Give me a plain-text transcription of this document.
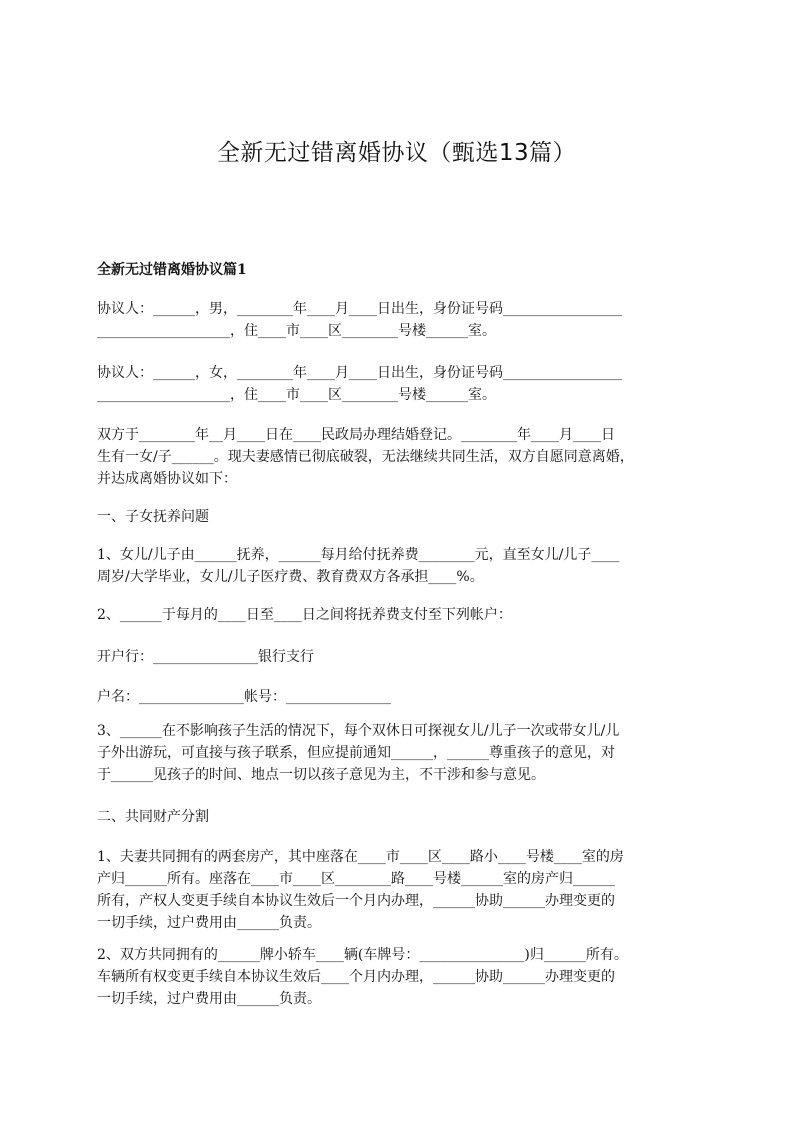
全新无过错离婚协议（甄选13篇）
全新无过错离婚协议篇1
协议人：______，男，________年____月____日出生，身份证号码_________________
___________________，住____市____区________号楼______室。
协议人：______，女，________年____月____日出生，身份证号码_________________
___________________，住____市____区________号楼______室。
双方于________年__月____日在____民政局办理结婚登记。________年____月____日
生有一女/子______。现夫妻感情已彻底破裂，无法继续共同生活，双方自愿同意离婚，
并达成离婚协议如下：
一、子女抚养问题
1、女儿/儿子由______抚养，______每月给付抚养费________元，直至女儿/儿子____
周岁/大学毕业，女儿/儿子医疗费、教育费双方各承担____%。
2、______于每月的____日至____日之间将抚养费支付至下列帐户：
开户行：_______________银行支行
户名：_______________帐号：_______________
3、______在不影响孩子生活的情况下，每个双休日可探视女儿/儿子一次或带女儿/儿
子外出游玩，可直接与孩子联系，但应提前通知______，______尊重孩子的意见，对
于______见孩子的时间、地点一切以孩子意见为主，不干涉和参与意见。
二、共同财产分割
1、夫妻共同拥有的两套房产，其中座落在____市____区____路小____号楼____室的房
产归______所有。座落在____市____区________路____号楼______室的房产归______
所有，产权人变更手续自本协议生效后一个月内办理，______协助______办理变更的
一切手续，过户费用由______负责。
2、双方共同拥有的______牌小轿车____辆(车牌号：_______________)归______所有。
车辆所有权变更手续自本协议生效后____个月内办理，______协助______办理变更的
一切手续，过户费用由______负责。
